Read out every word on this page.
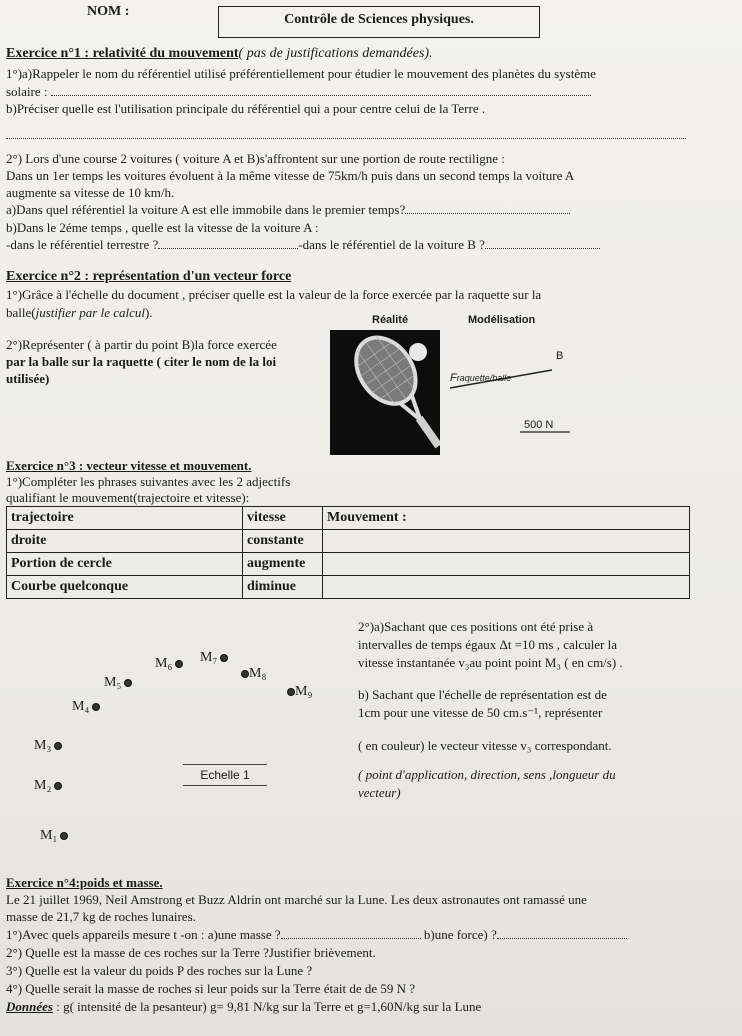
NOM :
Contrôle de Sciences physiques.
Exercice n°1 : relativité du mouvement( pas de justifications demandées).
1°)a)Rappeler le nom du référentiel utilisé préférentiellement pour étudier le mouvement des planètes du système
solaire :
b)Préciser quelle est l'utilisation principale du référentiel qui a pour centre celui de la Terre .
2°) Lors d'une course 2 voitures ( voiture A et B)s'affrontent sur une portion de route rectiligne :
Dans un 1er temps les voitures évoluent à la même vitesse de 75km/h puis dans un second temps la voiture A
augmente sa vitesse de 10 km/h.
a)Dans quel référentiel la voiture A est elle immobile dans le premier temps?
b)Dans le 2éme temps , quelle est la vitesse de la voiture A :
-dans le référentiel terrestre ?	-dans le référentiel de la voiture B ?
Exercice n°2 : représentation d'un vecteur force
1°)Grâce à l'échelle du document , préciser quelle est la valeur de la force exercée par la raquette sur la
balle(justifier par le calcul).	Réalité	Modélisation
2°)Représenter ( à partir du point B)la force exercée
par la balle sur la raquette ( citer le nom de la loi
utilisée)
B
Fraquette/balle
500 N
Exercice n°3 : vecteur vitesse et mouvement.
1°)Compléter les phrases suivantes avec les 2 adjectifs
qualifiant le mouvement(trajectoire et vitesse):
trajectoire	vitesse	Mouvement :
droite	constante	
Portion de cercle	augmente	
Courbe quelconque	diminue	
2°)a)Sachant que ces positions ont été prise à
intervalles de temps égaux Δt =10 ms , calculer la
vitesse instantanée v₃au point point M₃ ( en cm/s) .
b) Sachant que l'échelle de représentation est de
1cm pour une vitesse de 50 cm.s⁻¹, représenter
( en couleur) le vecteur vitesse v₃ correspondant.
( point d'application, direction, sens ,longueur du
vecteur)
Echelle 1
M₁
M₂
M₃
M₄
M₅
M₆	M₇
M₈
M₉
Exercice n°4:poids et masse.
Le 21 juillet 1969, Neil Amstrong et Buzz Aldrin ont marché sur la Lune. Les deux astronautes ont ramassé une
masse de 21,7 kg de roches lunaires.
1°)Avec quels appareils mesure t -on : a)une masse ?	b)une force) ?
2°) Quelle est la masse de ces roches sur la Terre ?Justifier brièvement.
3°) Quelle est la valeur du poids P des roches sur la Lune ?
4°) Quelle serait la masse de roches si leur poids sur la Terre était de de 59 N ?
Données : g( intensité de la pesanteur) g= 9,81 N/kg sur la Terre et g=1,60N/kg sur la Lune
